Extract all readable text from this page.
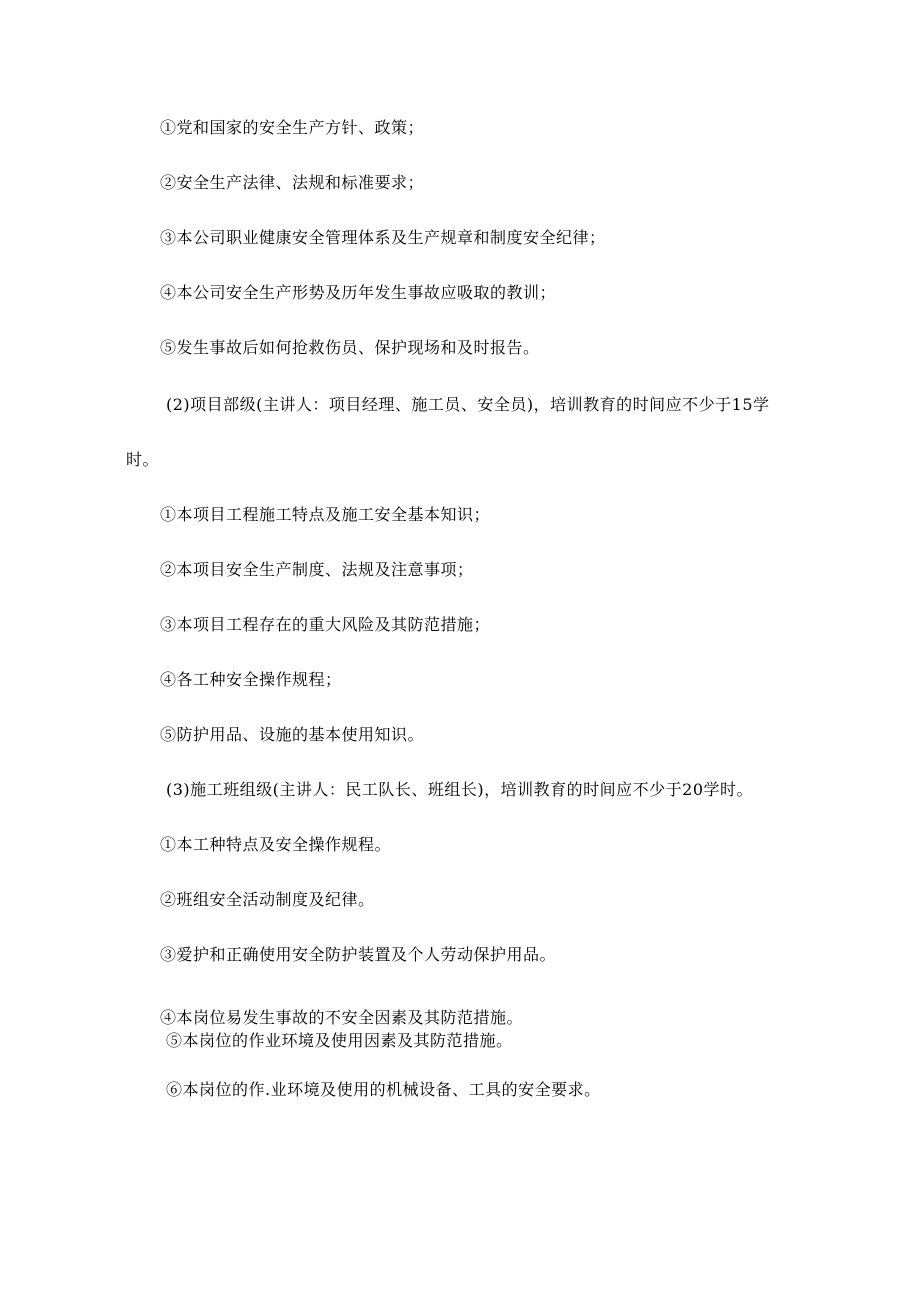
①党和国家的安全生产方针、政策；
②安全生产法律、法规和标准要求；
③本公司职业健康安全管理体系及生产规章和制度安全纪律；
④本公司安全生产形势及历年发生事故应吸取的教训；
⑤发生事故后如何抢救伤员、保护现场和及时报告。
(2)项目部级(主讲人：项目经理、施工员、安全员)，培训教育的时间应不少于15学
时。
①本项目工程施工特点及施工安全基本知识；
②本项目安全生产制度、法规及注意事项；
③本项目工程存在的重大风险及其防范措施；
④各工种安全操作规程；
⑤防护用品、设施的基本使用知识。
(3)施工班组级(主讲人：民工队长、班组长)，培训教育的时间应不少于20学时。
①本工种特点及安全操作规程。
②班组安全活动制度及纪律。
③爱护和正确使用安全防护装置及个人劳动保护用品。
④本岗位易发生事故的不安全因素及其防范措施。
⑤本岗位的作业环境及使用因素及其防范措施。
⑥本岗位的作.业环境及使用的机械设备、工具的安全要求。
